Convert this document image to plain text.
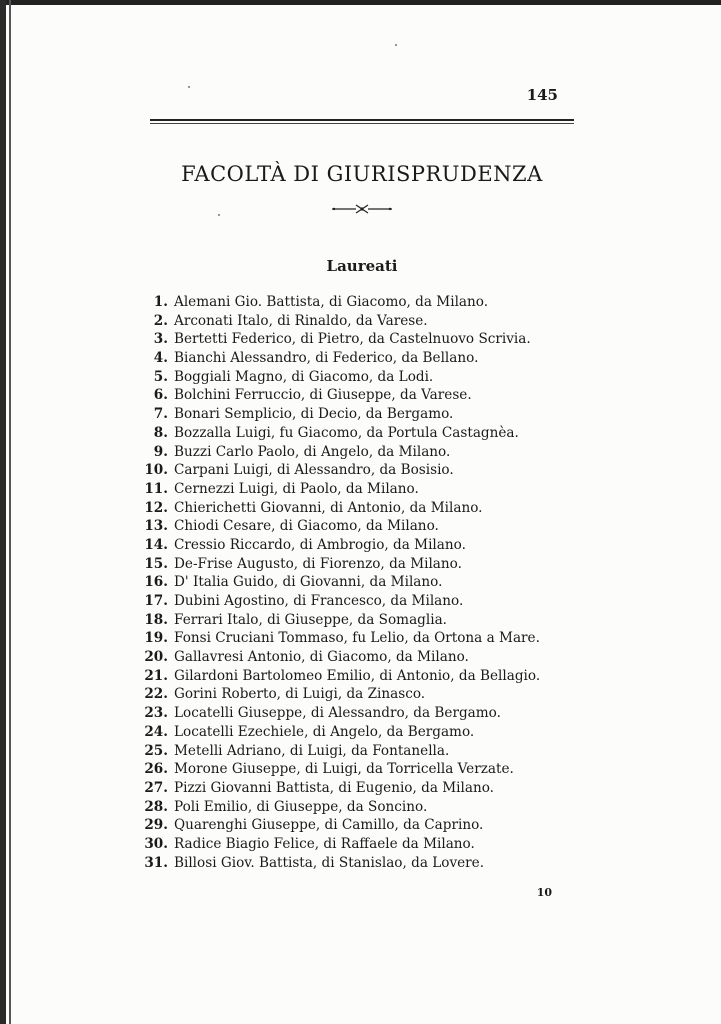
145
FACOLTÀ DI GIURISPRUDENZA
Laureati
1. Alemani Gio. Battista, di Giacomo, da Milano.
2. Arconati Italo, di Rinaldo, da Varese.
3. Bertetti Federico, di Pietro, da Castelnuovo Scrivia.
4. Bianchi Alessandro, di Federico, da Bellano.
5. Boggiali Magno, di Giacomo, da Lodi.
6. Bolchini Ferruccio, di Giuseppe, da Varese.
7. Bonari Semplicio, di Decio, da Bergamo.
8. Bozzalla Luigi, fu Giacomo, da Portula Castagnèa.
9. Buzzi Carlo Paolo, di Angelo, da Milano.
10. Carpani Luigi, di Alessandro, da Bosisio.
11. Cernezzi Luigi, di Paolo, da Milano.
12. Chierichetti Giovanni, di Antonio, da Milano.
13. Chiodi Cesare, di Giacomo, da Milano.
14. Cressio Riccardo, di Ambrogio, da Milano.
15. De-Frise Augusto, di Fiorenzo, da Milano.
16. D' Italia Guido, di Giovanni, da Milano.
17. Dubini Agostino, di Francesco, da Milano.
18. Ferrari Italo, di Giuseppe, da Somaglia.
19. Fonsi Cruciani Tommaso, fu Lelio, da Ortona a Mare.
20. Gallavresi Antonio, di Giacomo, da Milano.
21. Gilardoni Bartolomeo Emilio, di Antonio, da Bellagio.
22. Gorini Roberto, di Luigi, da Zinasco.
23. Locatelli Giuseppe, di Alessandro, da Bergamo.
24. Locatelli Ezechiele, di Angelo, da Bergamo.
25. Metelli Adriano, di Luigi, da Fontanella.
26. Morone Giuseppe, di Luigi, da Torricella Verzate.
27. Pizzi Giovanni Battista, di Eugenio, da Milano.
28. Poli Emilio, di Giuseppe, da Soncino.
29. Quarenghi Giuseppe, di Camillo, da Caprino.
30. Radice Biagio Felice, di Raffaele da Milano.
31. Billosi Giov. Battista, di Stanislao, da Lovere.
10
